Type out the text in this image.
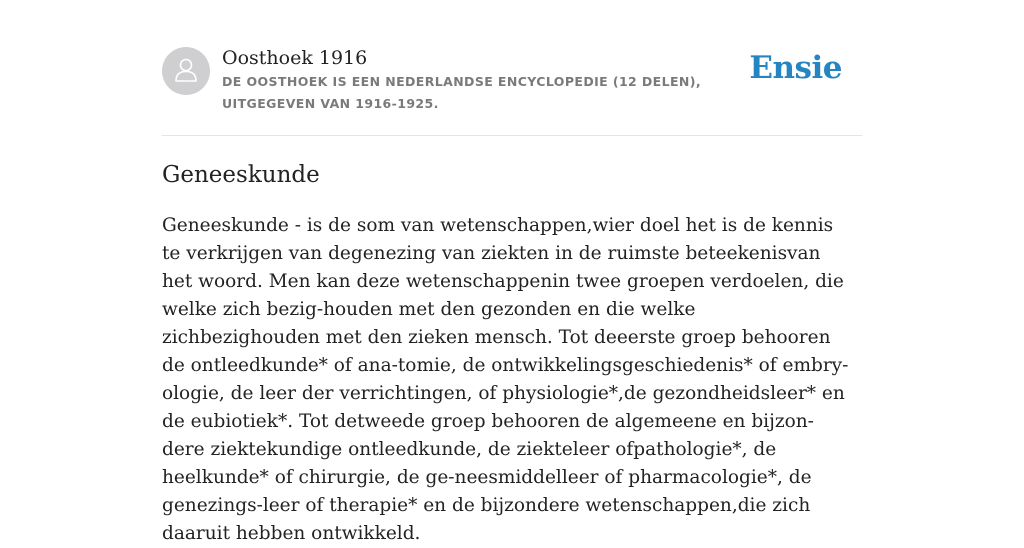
Oosthoek 1916
DE OOSTHOEK IS EEN NEDERLANDSE ENCYCLOPEDIE (12 DELEN), UITGEGEVEN VAN 1916-1925.
Ensie
Geneeskunde

Geneeskunde - is de som van wetenschappen,wier doel het is de kennis te verkrijgen van degenezing van ziekten in de ruimste beteekenisvan het woord. Men kan deze wetenschappenin twee groepen verdoelen, die welke zich bezig-houden met den gezonden en die welke zichbezighouden met den zieken mensch. Tot deeerste groep behooren de ontleedkunde* of ana-tomie, de ontwikkelingsgeschiedenis* of embry-ologie, de leer der verrichtingen, of physiologie*,de gezondheidsleer* en de eubiotiek*. Tot detweede groep behooren de algemeene en bijzon-dere ziektekundige ontleedkunde, de ziekteleer ofpathologie*, de heelkunde* of chirurgie, de ge-neesmiddelleer of pharmacologie*, de genezings-leer of therapie* en de bijzondere wetenschappen,die zich daaruit hebben ontwikkeld.
